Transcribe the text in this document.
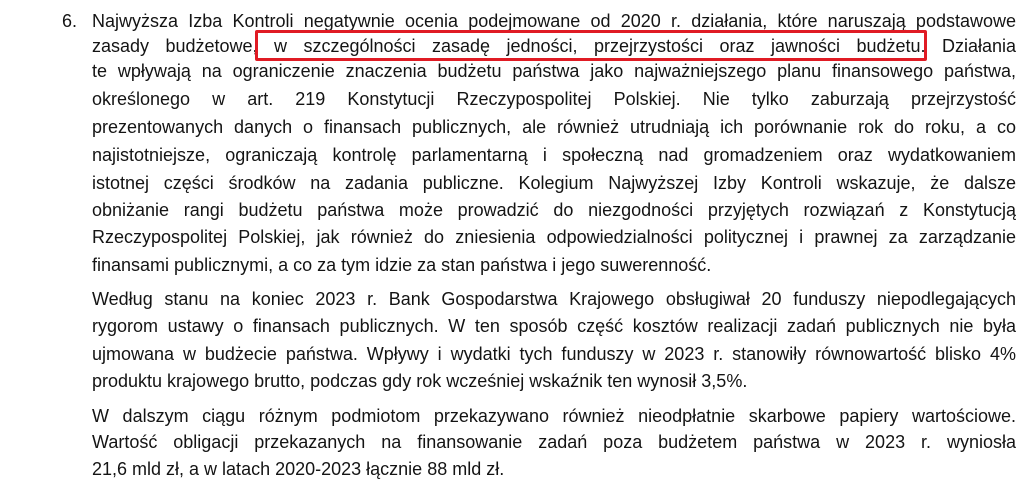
6. Najwyższa Izba Kontroli negatywnie ocenia podejmowane od 2020 r. działania, które naruszają podstawowe
zasady budżetowe, w szczególności zasadę jedności, przejrzystości oraz jawności budżetu. Działania
te wpływają na ograniczenie znaczenia budżetu państwa jako najważniejszego planu finansowego państwa,
określonego w art. 219 Konstytucji Rzeczypospolitej Polskiej. Nie tylko zaburzają przejrzystość
prezentowanych danych o finansach publicznych, ale również utrudniają ich porównanie rok do roku, a co
najistotniejsze, ograniczają kontrolę parlamentarną i społeczną nad gromadzeniem oraz wydatkowaniem
istotnej części środków na zadania publiczne. Kolegium Najwyższej Izby Kontroli wskazuje, że dalsze
obniżanie rangi budżetu państwa może prowadzić do niezgodności przyjętych rozwiązań z Konstytucją
Rzeczypospolitej Polskiej, jak również do zniesienia odpowiedzialności politycznej i prawnej za zarządzanie
finansami publicznymi, a co za tym idzie za stan państwa i jego suwerenność.
Według stanu na koniec 2023 r. Bank Gospodarstwa Krajowego obsługiwał 20 funduszy niepodlegających
rygorom ustawy o finansach publicznych. W ten sposób część kosztów realizacji zadań publicznych nie była
ujmowana w budżecie państwa. Wpływy i wydatki tych funduszy w 2023 r. stanowiły równowartość blisko 4%
produktu krajowego brutto, podczas gdy rok wcześniej wskaźnik ten wynosił 3,5%.
W dalszym ciągu różnym podmiotom przekazywano również nieodpłatnie skarbowe papiery wartościowe.
Wartość obligacji przekazanych na finansowanie zadań poza budżetem państwa w 2023 r. wyniosła
21,6 mld zł, a w latach 2020-2023 łącznie 88 mld zł.
